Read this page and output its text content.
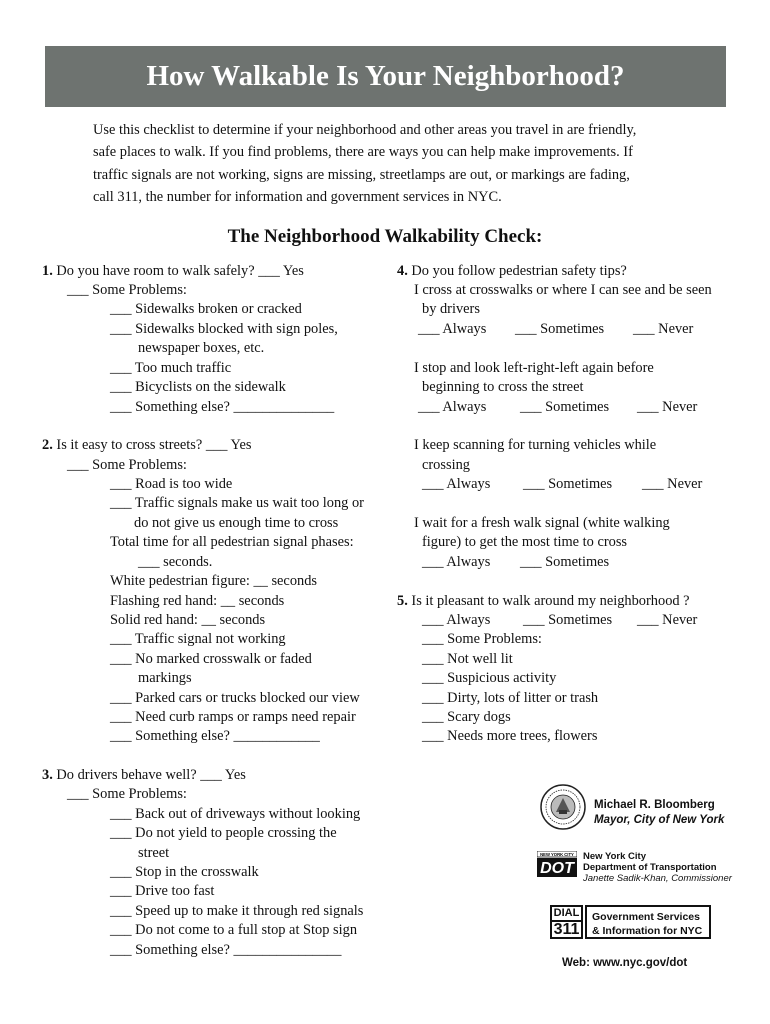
How Walkable Is Your Neighborhood?
Use this checklist to determine if your neighborhood and other areas you travel in are friendly,
safe places to walk. If you find problems, there are ways you can help make improvements. If
traffic signals are not working, signs are missing, streetlamps are out, or markings are fading,
call 311, the number for information and government services in NYC.
The Neighborhood Walkability Check:
1. Do you have room to walk safely? ___ Yes
___ Some Problems:
___ Sidewalks broken or cracked
___ Sidewalks blocked with sign poles,
newspaper boxes, etc.
___ Too much traffic
___ Bicyclists on the sidewalk
___ Something else? ______________
2. Is it easy to cross streets? ___ Yes
___ Some Problems:
___ Road is too wide
___ Traffic signals make us wait too long or
do not give us enough time to cross
Total time for all pedestrian signal phases:
___ seconds.
White pedestrian figure: __ seconds
Flashing red hand: __ seconds
Solid red hand: __ seconds
___ Traffic signal not working
___ No marked crosswalk or faded
markings
___ Parked cars or trucks blocked our view
___ Need curb ramps or ramps need repair
___ Something else? ____________
3. Do drivers behave well? ___ Yes
___ Some Problems:
___ Back out of driveways without looking
___ Do not yield to people crossing the
street
___ Stop in the crosswalk
___ Drive too fast
___ Speed up to make it through red signals
___ Do not come to a full stop at Stop sign
___ Something else? _______________
4. Do you follow pedestrian safety tips?
I cross at crosswalks or where I can see and be seen
by drivers
___ Always ___ Sometimes ___ Never
I stop and look left-right-left again before
beginning to cross the street
___ Always ___ Sometimes ___ Never
I keep scanning for turning vehicles while
crossing
___ Always ___ Sometimes ___ Never
I wait for a fresh walk signal (white walking
figure) to get the most time to cross
___ Always ___ Sometimes
5. Is it pleasant to walk around my neighborhood ?
___ Always ___ Sometimes ___ Never
___ Some Problems:
___ Not well lit
___ Suspicious activity
___ Dirty, lots of litter or trash
___ Scary dogs
___ Needs more trees, flowers
Michael R. Bloomberg
Mayor, City of New York
NEW YORK CITY
DOT
New York City
Department of Transportation
Janette Sadik-Khan, Commissioner
DIAL
311
Government Services
& Information for NYC
Web: www.nyc.gov/dot
